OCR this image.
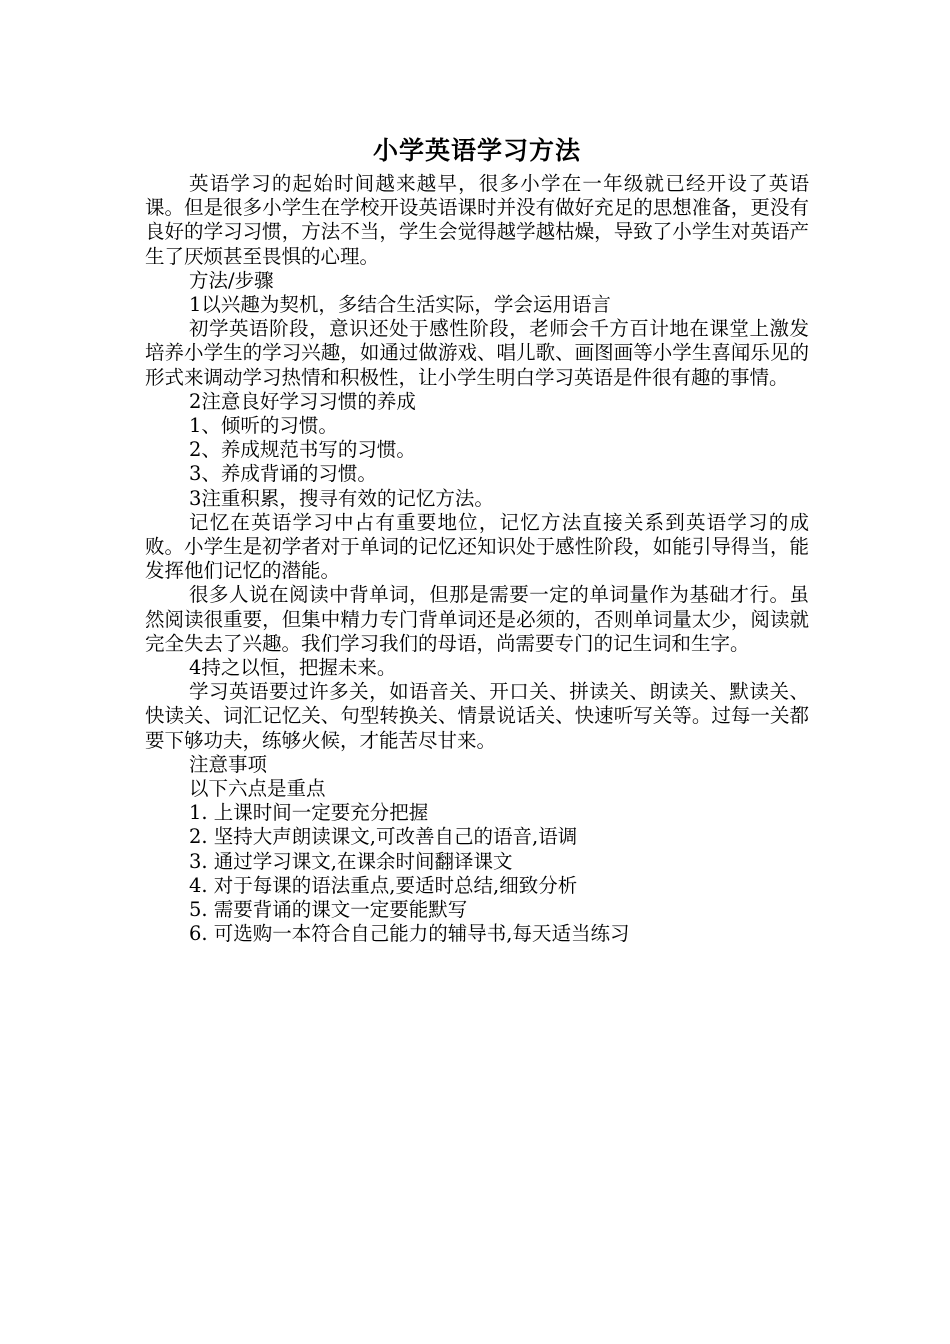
小学英语学习方法

英语学习的起始时间越来越早，很多小学在一年级就已经开设了英语课。但是很多小学生在学校开设英语课时并没有做好充足的思想准备，更没有良好的学习习惯，方法不当，学生会觉得越学越枯燥，导致了小学生对英语产生了厌烦甚至畏惧的心理。

方法/步骤

1以兴趣为契机，多结合生活实际，学会运用语言

初学英语阶段，意识还处于感性阶段，老师会千方百计地在课堂上激发培养小学生的学习兴趣，如通过做游戏、唱儿歌、画图画等小学生喜闻乐见的形式来调动学习热情和积极性，让小学生明白学习英语是件很有趣的事情。

2注意良好学习习惯的养成

1、倾听的习惯。

2、养成规范书写的习惯。

3、养成背诵的习惯。

3注重积累，搜寻有效的记忆方法。

记忆在英语学习中占有重要地位，记忆方法直接关系到英语学习的成败。小学生是初学者对于单词的记忆还知识处于感性阶段，如能引导得当，能发挥他们记忆的潜能。

很多人说在阅读中背单词，但那是需要一定的单词量作为基础才行。虽然阅读很重要，但集中精力专门背单词还是必须的，否则单词量太少，阅读就完全失去了兴趣。我们学习我们的母语，尚需要专门的记生词和生字。

4持之以恒，把握未来。

学习英语要过许多关，如语音关、开口关、拼读关、朗读关、默读关、快读关、词汇记忆关、句型转换关、情景说话关、快速听写关等。过每一关都要下够功夫，练够火候，才能苦尽甘来。

注意事项

以下六点是重点

1. 上课时间一定要充分把握

2. 坚持大声朗读课文,可改善自己的语音,语调

3. 通过学习课文,在课余时间翻译课文

4. 对于每课的语法重点,要适时总结,细致分析

5. 需要背诵的课文一定要能默写

6. 可选购一本符合自己能力的辅导书,每天适当练习
